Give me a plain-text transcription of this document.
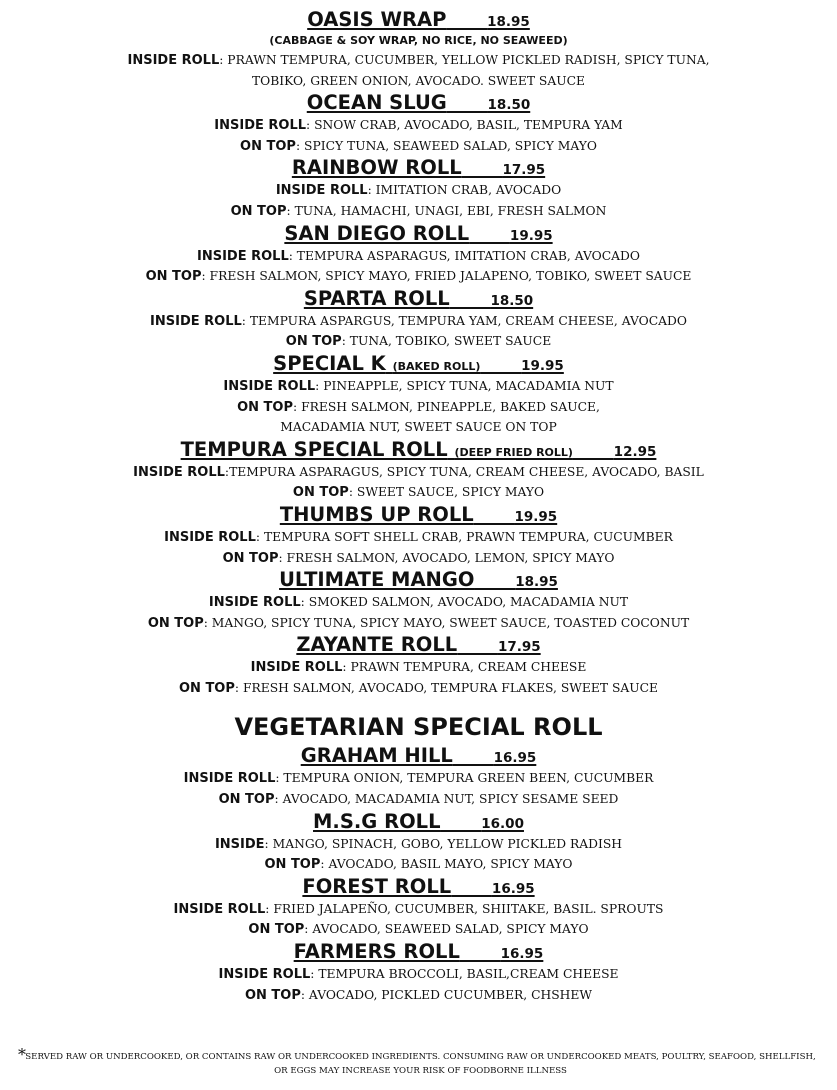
OASIS WRAP	18.95
(CABBAGE & SOY WRAP, NO RICE, NO SEAWEED)
INSIDE ROLL: PRAWN TEMPURA, CUCUMBER, YELLOW PICKLED RADISH, SPICY TUNA,
TOBIKO, GREEN ONION, AVOCADO. SWEET SAUCE
OCEAN SLUG	18.50
INSIDE ROLL: SNOW CRAB, AVOCADO, BASIL, TEMPURA YAM
ON TOP: SPICY TUNA, SEAWEED SALAD, SPICY MAYO
RAINBOW ROLL	17.95
INSIDE ROLL: IMITATION CRAB, AVOCADO
ON TOP: TUNA, HAMACHI, UNAGI, EBI, FRESH SALMON
SAN DIEGO ROLL	19.95
INSIDE ROLL: TEMPURA ASPARAGUS, IMITATION CRAB, AVOCADO
ON TOP: FRESH SALMON, SPICY MAYO, FRIED JALAPENO, TOBIKO, SWEET SAUCE
SPARTA ROLL	18.50
INSIDE ROLL: TEMPURA ASPARGUS, TEMPURA YAM, CREAM CHEESE, AVOCADO
ON TOP: TUNA, TOBIKO, SWEET SAUCE
SPECIAL K (BAKED ROLL)	19.95
INSIDE ROLL: PINEAPPLE, SPICY TUNA, MACADAMIA NUT
ON TOP: FRESH SALMON, PINEAPPLE, BAKED SAUCE,
MACADAMIA NUT, SWEET SAUCE ON TOP
TEMPURA SPECIAL ROLL (DEEP FRIED ROLL)	12.95
INSIDE ROLL:TEMPURA ASPARAGUS, SPICY TUNA, CREAM CHEESE, AVOCADO, BASIL
ON TOP: SWEET SAUCE, SPICY MAYO
THUMBS UP ROLL	19.95
INSIDE ROLL: TEMPURA SOFT SHELL CRAB, PRAWN TEMPURA, CUCUMBER
ON TOP: FRESH SALMON, AVOCADO, LEMON, SPICY MAYO
ULTIMATE MANGO	18.95
INSIDE ROLL: SMOKED SALMON, AVOCADO, MACADAMIA NUT
ON TOP: MANGO, SPICY TUNA, SPICY MAYO, SWEET SAUCE, TOASTED COCONUT
ZAYANTE ROLL	17.95
INSIDE ROLL: PRAWN TEMPURA, CREAM CHEESE
ON TOP: FRESH SALMON, AVOCADO, TEMPURA FLAKES, SWEET SAUCE
VEGETARIAN SPECIAL ROLL
GRAHAM HILL	16.95
INSIDE ROLL: TEMPURA ONION, TEMPURA GREEN BEEN, CUCUMBER
ON TOP: AVOCADO, MACADAMIA NUT, SPICY SESAME SEED
M.S.G ROLL	16.00
INSIDE: MANGO, SPINACH, GOBO, YELLOW PICKLED RADISH
ON TOP: AVOCADO, BASIL MAYO, SPICY MAYO
FOREST ROLL	16.95
INSIDE ROLL: FRIED JALAPEÑO, CUCUMBER, SHIITAKE, BASIL. SPROUTS
ON TOP: AVOCADO, SEAWEED SALAD, SPICY MAYO
FARMERS ROLL	16.95
INSIDE ROLL: TEMPURA BROCCOLI, BASIL,CREAM CHEESE
ON TOP: AVOCADO, PICKLED CUCUMBER, CHSHEW
* SERVED RAW OR UNDERCOOKED, OR CONTAINS RAW OR UNDERCOOKED INGREDIENTS. CONSUMING RAW OR UNDERCOOKED MEATS, POULTRY, SEAFOOD, SHELLFISH, OR EGGS MAY INCREASE YOUR RISK OF FOODBORNE ILLNESS
